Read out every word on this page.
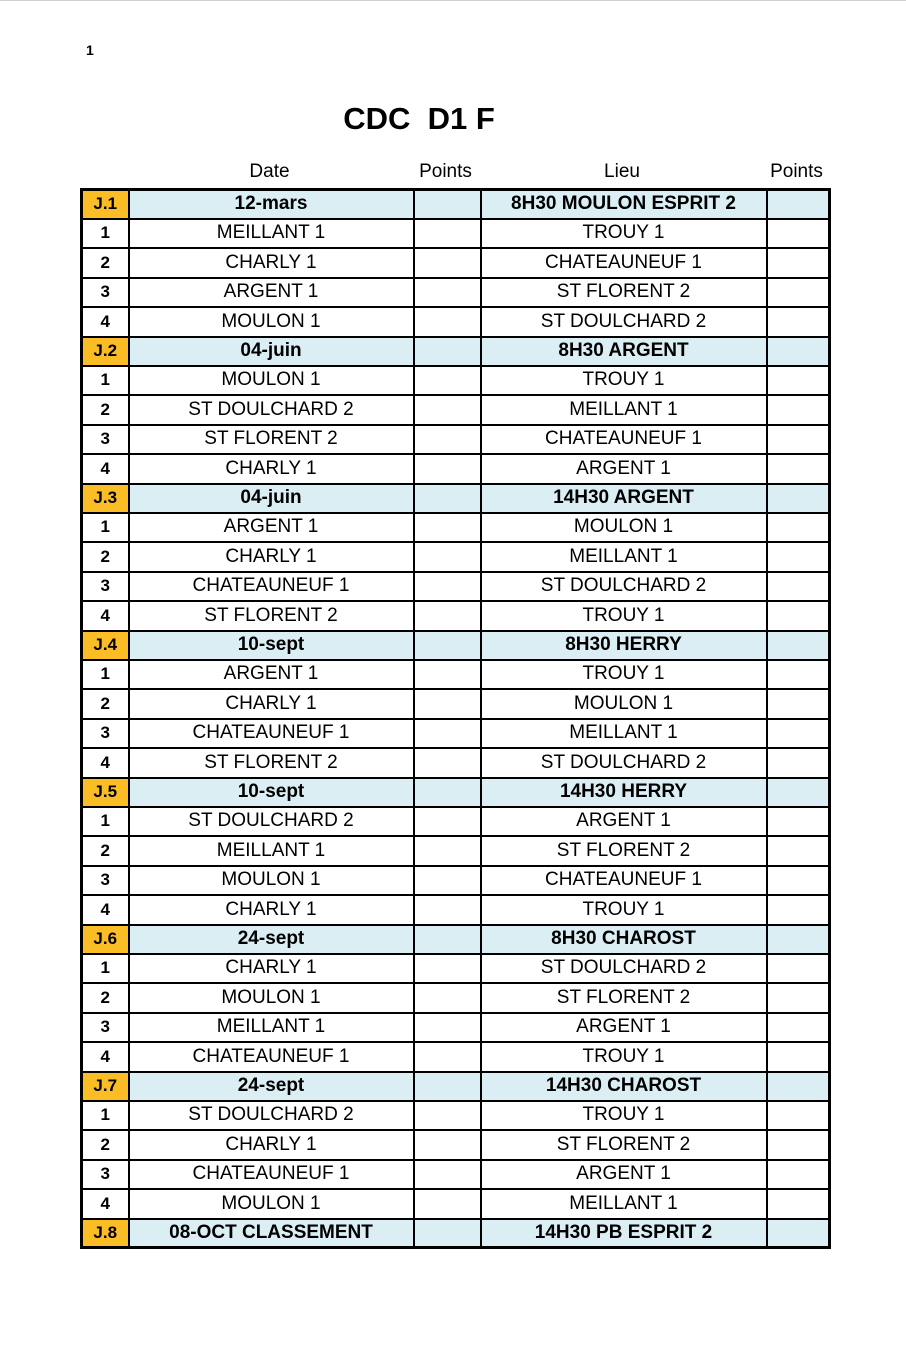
1
CDC  D1 F
Date	Points	Lieu	Points
J.1	12-mars		8H30 MOULON ESPRIT 2	
1	MEILLANT 1		TROUY 1	
2	CHARLY 1		CHATEAUNEUF 1	
3	ARGENT 1		ST FLORENT 2	
4	MOULON 1		ST DOULCHARD 2	
J.2	04-juin		8H30 ARGENT	
1	MOULON 1		TROUY 1	
2	ST DOULCHARD 2		MEILLANT 1	
3	ST FLORENT 2		CHATEAUNEUF 1	
4	CHARLY 1		ARGENT 1	
J.3	04-juin		14H30 ARGENT	
1	ARGENT 1		MOULON 1	
2	CHARLY 1		MEILLANT 1	
3	CHATEAUNEUF 1		ST DOULCHARD 2	
4	ST FLORENT 2		TROUY 1	
J.4	10-sept		8H30 HERRY	
1	ARGENT 1		TROUY 1	
2	CHARLY 1		MOULON 1	
3	CHATEAUNEUF 1		MEILLANT 1	
4	ST FLORENT 2		ST DOULCHARD 2	
J.5	10-sept		14H30 HERRY	
1	ST DOULCHARD 2		ARGENT 1	
2	MEILLANT 1		ST FLORENT 2	
3	MOULON 1		CHATEAUNEUF 1	
4	CHARLY 1		TROUY 1	
J.6	24-sept		8H30 CHAROST	
1	CHARLY 1		ST DOULCHARD 2	
2	MOULON 1		ST FLORENT 2	
3	MEILLANT 1		ARGENT 1	
4	CHATEAUNEUF 1		TROUY 1	
J.7	24-sept		14H30 CHAROST	
1	ST DOULCHARD 2		TROUY 1	
2	CHARLY 1		ST FLORENT 2	
3	CHATEAUNEUF 1		ARGENT 1	
4	MOULON 1		MEILLANT 1	
J.8	08-OCT CLASSEMENT		14H30 PB ESPRIT 2	
